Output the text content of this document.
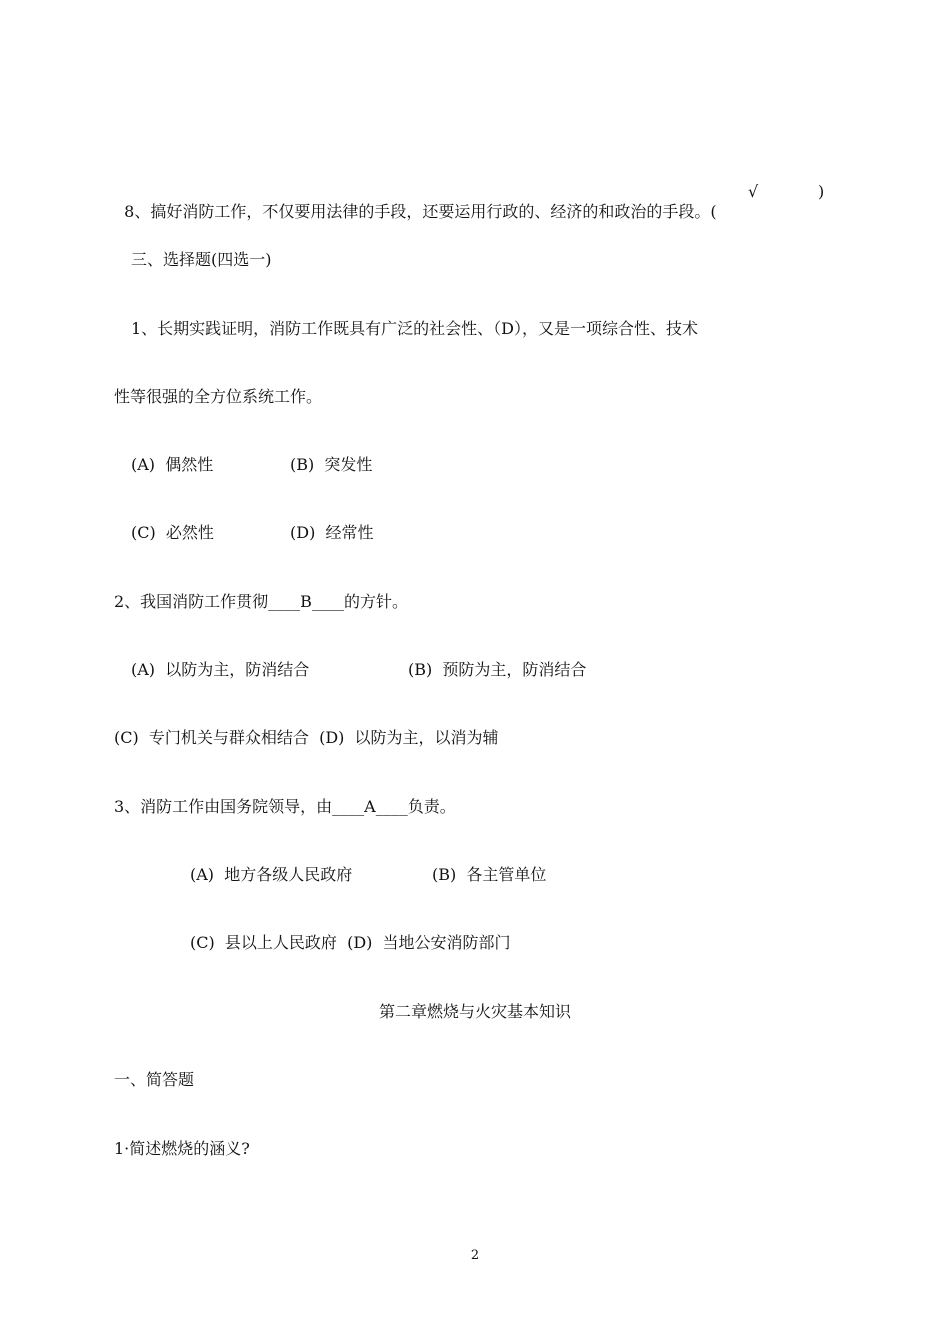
8、搞好消防工作，不仅要用法律的手段，还要运用行政的、经济的和政治的手段。(

√	)
三、选择题(四选一)
1、长期实践证明，消防工作既具有广泛的社会性、（D），又是一项综合性、技术
性等很强的全方位系统工作。
(A)  偶然性	(B)  突发性
(C)  必然性	(D)  经常性
2、我国消防工作贯彻____B____的方针。
(A)  以防为主，防消结合	(B)  预防为主，防消结合
(C)  专门机关与群众相结合  (D)  以防为主，以消为辅
3、消防工作由国务院领导，由____A____负责。
(A)  地方各级人民政府	(B)  各主管单位
(C)  县以上人民政府  (D)  当地公安消防部门
第二章燃烧与火灾基本知识
一、简答题
1·简述燃烧的涵义?
2
